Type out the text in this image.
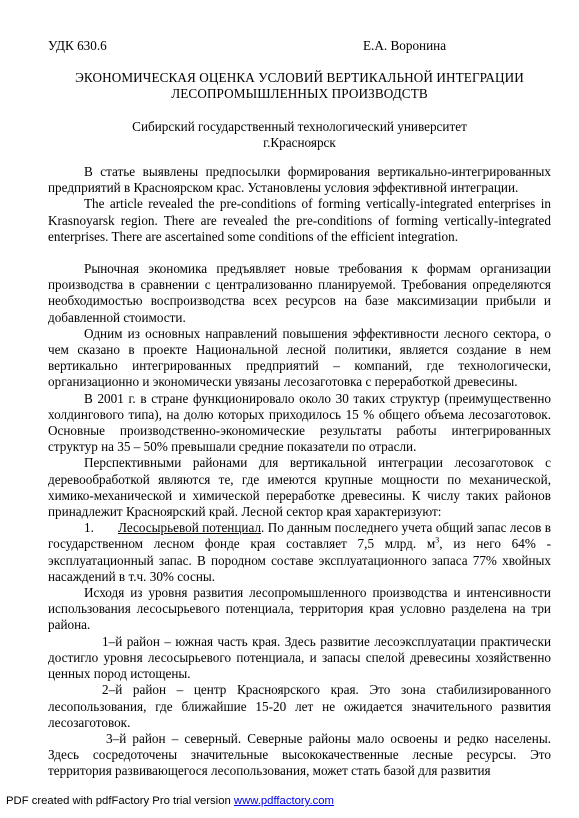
УДК 630.6	Е.А. Воронина
ЭКОНОМИЧЕСКАЯ ОЦЕНКА УСЛОВИЙ ВЕРТИКАЛЬНОЙ ИНТЕГРАЦИИ
ЛЕСОПРОМЫШЛЕННЫХ ПРОИЗВОДСТВ
Сибирский государственный технологический университет
г.Красноярск

В статье выявлены предпосылки формирования вертикально-интегрированных предприятий в Красноярском крас. Установлены условия эффективной интеграции.

The article revealed the pre-conditions of forming vertically-integrated enterprises in Krasnoyarsk region. There are revealed the pre-conditions of forming vertically-integrated enterprises. There are ascertained some conditions of the efficient integration.

Рыночная экономика предъявляет новые требования к формам организации производства в сравнении с централизованно планируемой. Требования определяются необходимостью воспроизводства всех ресурсов на базе максимизации прибыли и добавленной стоимости.

Одним из основных направлений повышения эффективности лесного сектора, о чем сказано в проекте Национальной лесной политики, является создание в нем вертикально интегрированных предприятий – компаний, где технологически, организационно и экономически увязаны лесозаготовка с переработкой древесины.

В 2001 г. в стране функционировало около 30 таких структур (преимущественно холдингового типа), на долю которых приходилось 15 % общего объема лесозаготовок. Основные производственно-экономические результаты работы интегрированных структур на 35 – 50% превышали средние показатели по отрасли.

Перспективными районами для вертикальной интеграции лесозаготовок с деревообработкой являются те, где имеются крупные мощности по механической, химико-механической и химической переработке древесины. К числу таких районов принадлежит Красноярский край. Лесной сектор края характеризуют:

1. Лесосырьевой потенциал. По данным последнего учета общий запас лесов в государственном лесном фонде края составляет 7,5 млрд. $м^3$, из него 64% - эксплуатационный запас. В породном составе эксплуатационного запаса 77% хвойных насаждений в т.ч. 30% сосны.

Исходя из уровня развития лесопромышленного производства и интенсивности использования лесосырьевого потенциала, территория края условно разделена на три района.

1–й район – южная часть края. Здесь развитие лесоэксплуатации практически достигло уровня лесосырьевого потенциала, и запасы спелой древесины хозяйственно ценных пород истощены.

2–й район – центр Красноярского края. Это зона стабилизированного лесопользования, где ближайшие 15-20 лет не ожидается значительного развития лесозаготовок.

3–й район – северный. Северные районы мало освоены и редко населены. Здесь сосредоточены значительные высококачественные лесные ресурсы. Это территория развивающегося лесопользования, может стать базой для развития

PDF created with pdfFactory Pro trial version www.pdffactory.com
